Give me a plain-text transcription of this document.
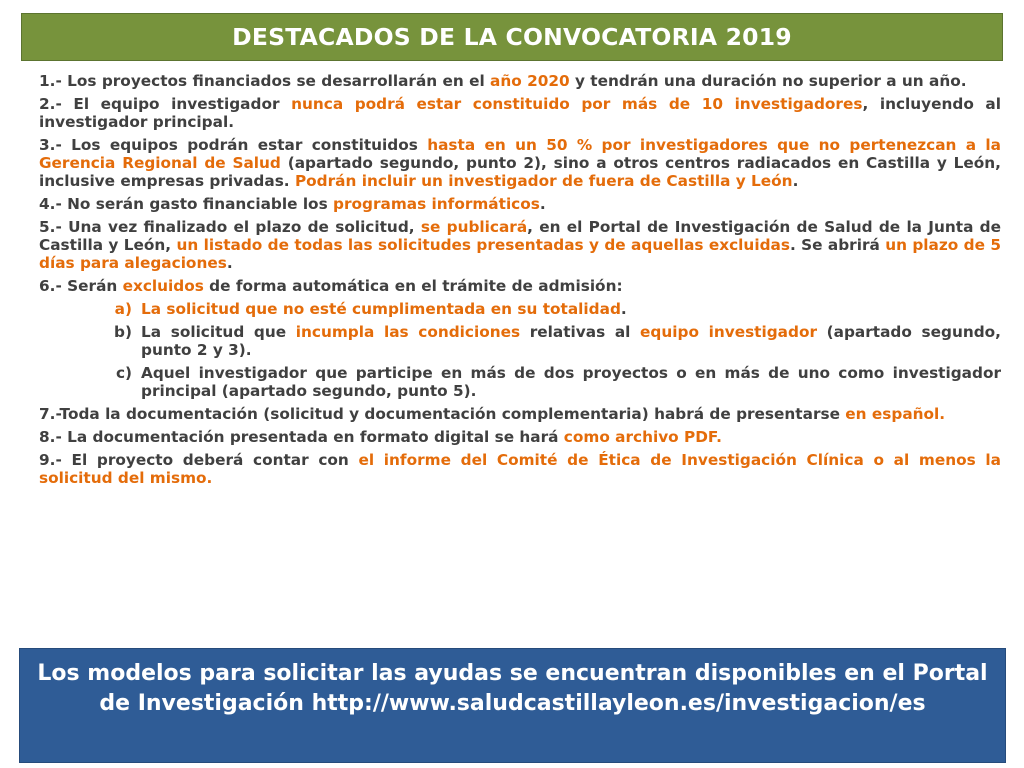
DESTACADOS DE LA CONVOCATORIA 2019

1.- Los proyectos financiados se desarrollarán en el año 2020 y tendrán una duración no superior a un año.

2.- El equipo investigador nunca podrá estar constituido por más de 10 investigadores, incluyendo al investigador principal.

3.- Los equipos podrán estar constituidos hasta en un 50 % por investigadores que no pertenezcan a la Gerencia Regional de Salud (apartado segundo, punto 2), sino a otros centros radiacados en Castilla y León, inclusive empresas privadas. Podrán incluir un investigador de fuera de Castilla y León.

4.- No serán gasto financiable los programas informáticos.

5.- Una vez finalizado el plazo de solicitud, se publicará, en el Portal de Investigación de Salud de la Junta de Castilla y León, un listado de todas las solicitudes presentadas y de aquellas excluidas. Se abrirá un plazo de 5 días para alegaciones.

6.- Serán excluidos de forma automática en el trámite de admisión:

a) La solicitud que no esté cumplimentada en su totalidad.
b) La solicitud que incumpla las condiciones relativas al equipo investigador (apartado segundo, punto 2 y 3).
c) Aquel investigador que participe en más de dos proyectos o en más de uno como investigador principal (apartado segundo, punto 5).

7.-Toda la documentación (solicitud y documentación complementaria) habrá de presentarse en español.

8.- La documentación presentada en formato digital se hará como archivo PDF.

9.- El proyecto deberá contar con el informe del Comité de Ética de Investigación Clínica o al menos la solicitud del mismo.

Los modelos para solicitar las ayudas se encuentran disponibles en el Portal de Investigación http://www.saludcastillayleon.es/investigacion/es
